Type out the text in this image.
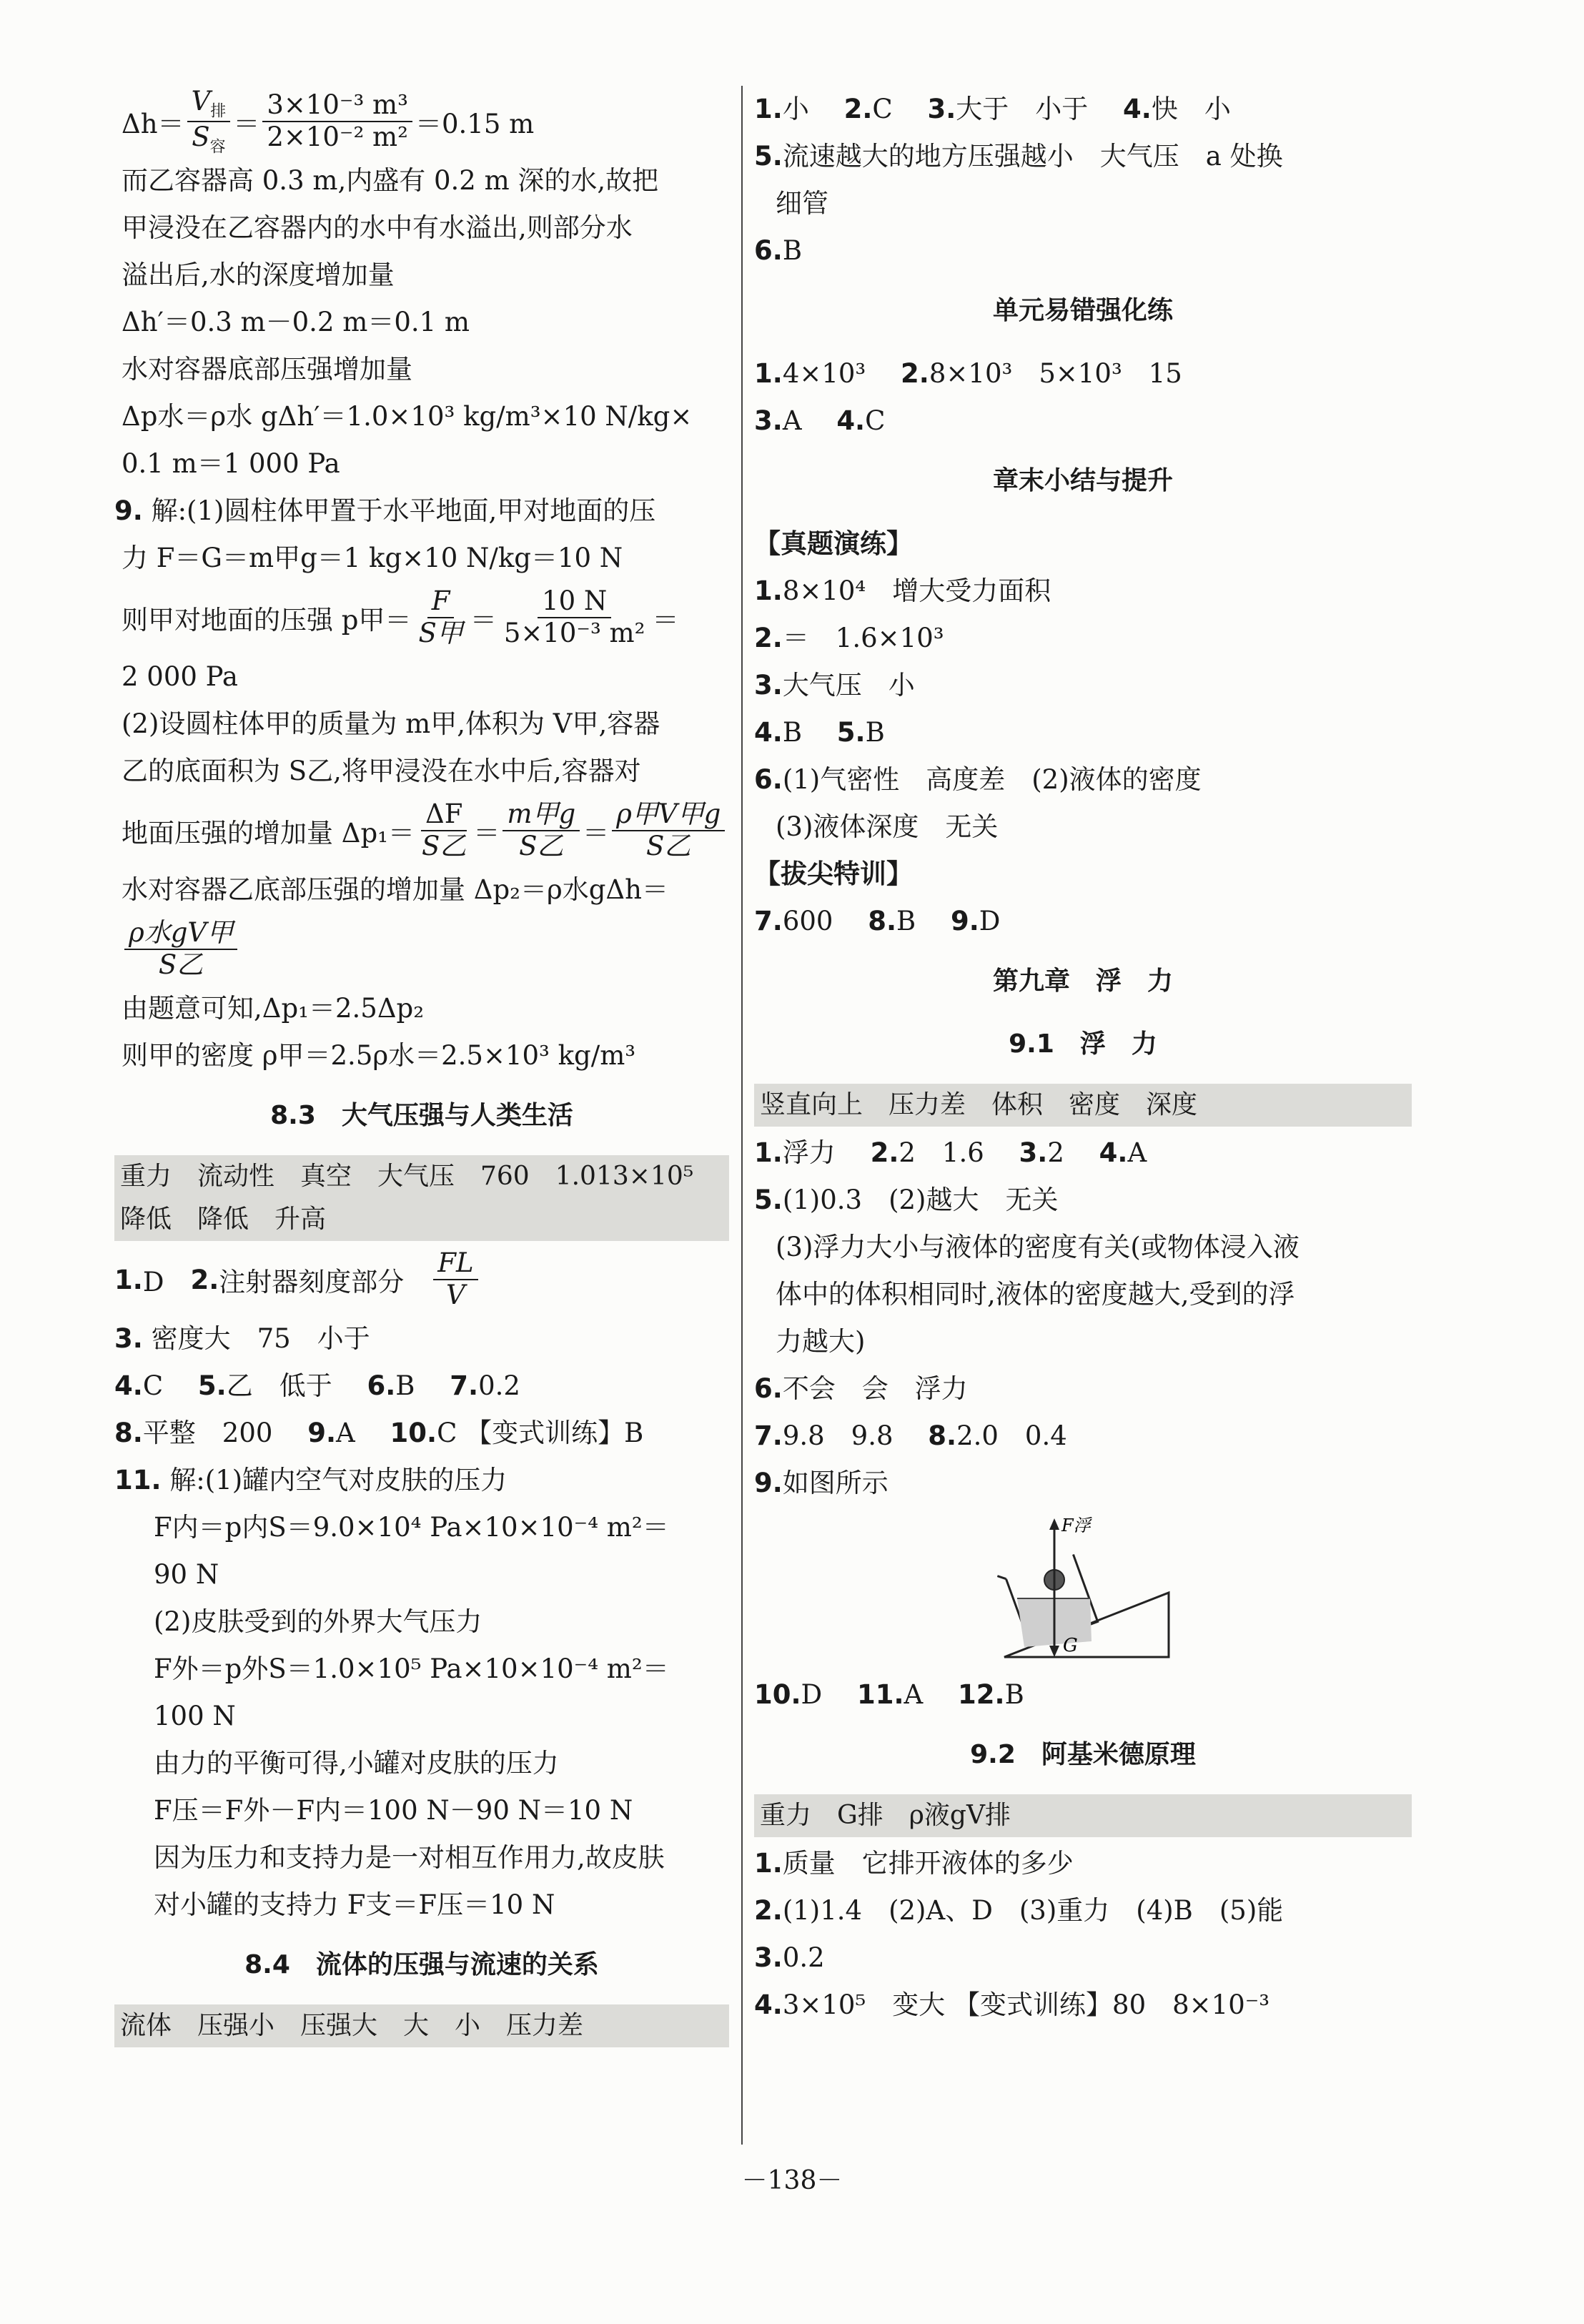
$\Delta h= \frac{V_排}{S_容} = \frac{\text{3×10⁻³ m³}}{\text{2×10⁻² m²}} =0.15$ m
而乙容器高 0.3 m,内盛有 0.2 m 深的水,故把
甲浸没在乙容器内的水中有水溢出,则部分水
溢出后,水的深度增加量
Δh′＝0.3 m－0.2 m＝0.1 m
水对容器底部压强增加量
Δp水＝ρ水 gΔh′＝1.0×10³ kg/m³×10 N/kg×
0.1 m＝1 000 Pa
9. 解:(1)圆柱体甲置于水平地面,甲对地面的压
力 F＝G＝m甲g＝1 kg×10 N/kg＝10 N
则甲对地面的压强 p甲＝ $\frac{F}{\text{S甲}} = \frac{10 N}{\text{5×10⁻³ m²}}$ ＝
2 000 Pa
(2)设圆柱体甲的质量为 m甲,体积为 V甲,容器
乙的底面积为 S乙,将甲浸没在水中后,容器对
地面压强的增加量 $\Delta p_1= \frac{\Delta F}{\text{S乙}} = \frac{\text{m甲g}}{\text{S乙}} = \frac{\text{ρ甲V甲g}}{\text{S乙}}$
水对容器乙底部压强的增加量 Δp₂＝ρ水gΔh＝
$\frac{\text{ρ水gV甲}}{\text{S乙}}$
由题意可知,Δp₁＝2.5Δp₂
则甲的密度 ρ甲＝2.5ρ水＝2.5×10³ kg/m³
8.3　大气压强与人类生活
重力　流动性　真空　大气压　760　1.013×10⁵
降低　降低　升高
1. D　 2. 注射器刻度部分　 $\frac{FL}{V}$
3. 密度大　75　小于
4.C　 5.乙　低于　 6.B　 7.0.2
8.平整　200　 9.A　 10.C 【变式训练】B
11. 解:(1)罐内空气对皮肤的压力
F内＝p内S＝9.0×10⁴ Pa×10×10⁻⁴ m²＝
90 N
(2)皮肤受到的外界大气压力
F外＝p外S＝1.0×10⁵ Pa×10×10⁻⁴ m²＝
100 N
由力的平衡可得,小罐对皮肤的压力
F压＝F外－F内＝100 N－90 N＝10 N
因为压力和支持力是一对相互作用力,故皮肤
对小罐的支持力 F支＝F压＝10 N
8.4　流体的压强与流速的关系
流体　压强小　压强大　大　小　压力差
1.小　 2.C　 3.大于　小于　 4.快　小
5.流速越大的地方压强越小　大气压　a 处换
细管
6.B
单元易错强化练
1.4×10³　 2.8×10³　5×10³　15
3.A　 4.C
章末小结与提升
【真题演练】
1.8×10⁴　增大受力面积
2.＝　1.6×10³
3.大气压　小
4.B　 5.B
6.(1)气密性　高度差　(2)液体的密度
(3)液体深度　无关
【拔尖特训】
7.600　 8.B　 9.D
第九章　浮　力
9.1　浮　力
竖直向上　压力差　体积　密度　深度
1.浮力　 2.2　1.6　 3.2　 4.A
5.(1)0.3　(2)越大　无关
(3)浮力大小与液体的密度有关(或物体浸入液
体中的体积相同时,液体的密度越大,受到的浮
力越大)
6.不会　会　浮力
7.9.8　9.8　 8.2.0　0.4
9.如图所示
F浮
G
10.D　 11.A　 12.B
9.2　阿基米德原理
重力　G排　ρ液gV排
1.质量　它排开液体的多少
2.(1)1.4　(2)A、D　(3)重力　(4)B　(5)能
3.0.2
4.3×10⁵　变大 【变式训练】80　8×10⁻³
－138－
